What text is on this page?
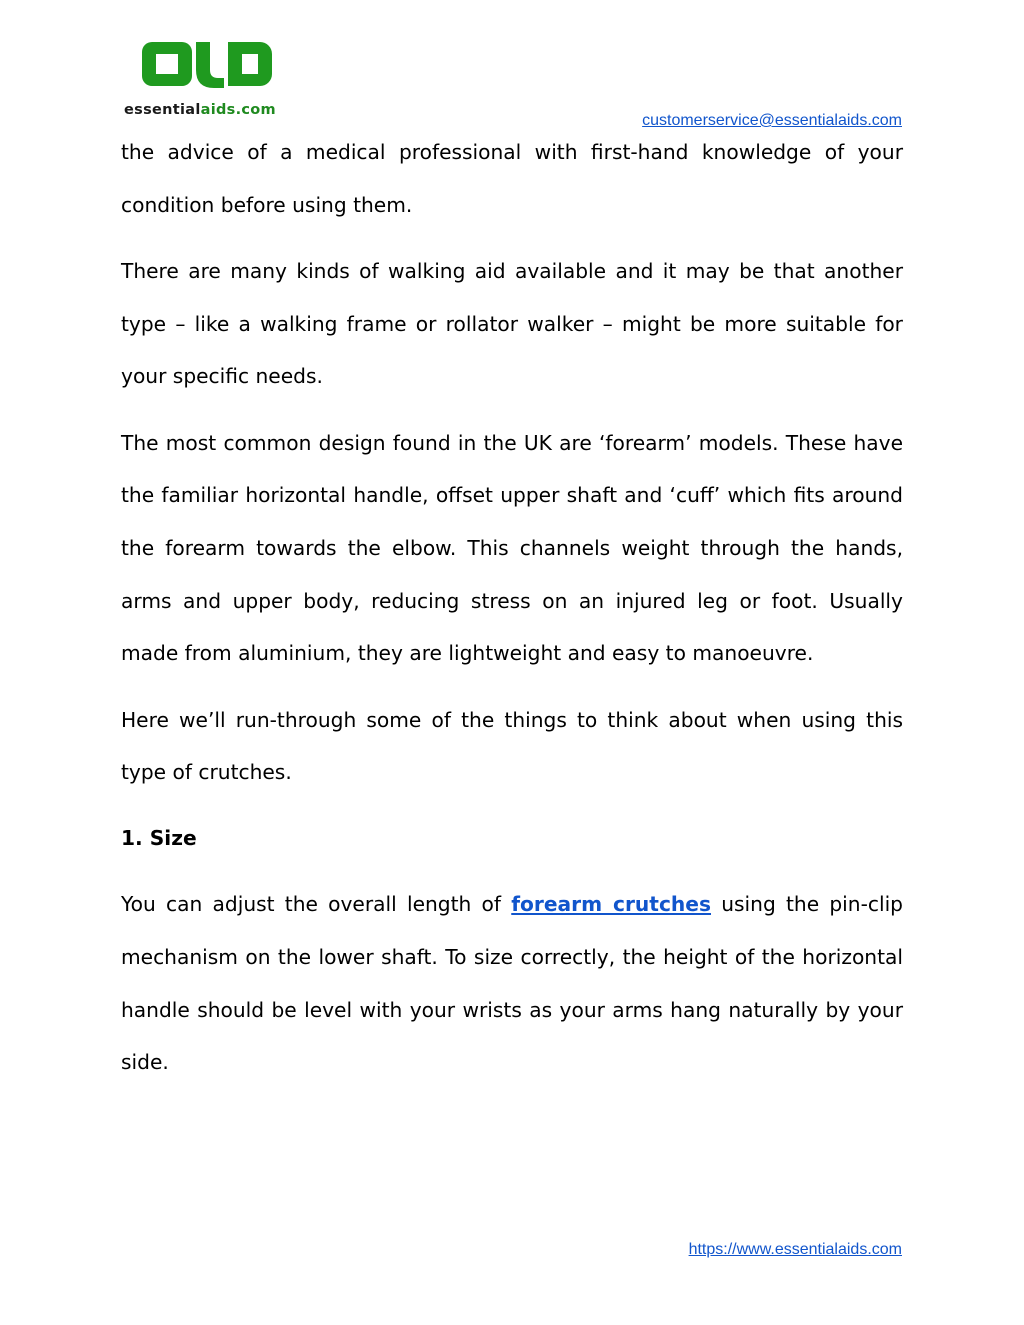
essentialaids.com
customerservice@essentialaids.com

the advice of a medical professional with first-hand knowledge of your condition before using them.

There are many kinds of walking aid available and it may be that another type – like a walking frame or rollator walker – might be more suitable for your specific needs.

The most common design found in the UK are ‘forearm’ models. These have the familiar horizontal handle, offset upper shaft and ‘cuff’ which fits around the forearm towards the elbow. This channels weight through the hands, arms and upper body, reducing stress on an injured leg or foot. Usually made from aluminium, they are lightweight and easy to manoeuvre.

Here we’ll run-through some of the things to think about when using this type of crutches.

1. Size

You can adjust the overall length of forearm crutches using the pin-clip mechanism on the lower shaft. To size correctly, the height of the horizontal handle should be level with your wrists as your arms hang naturally by your side.

https://www.essentialaids.com
